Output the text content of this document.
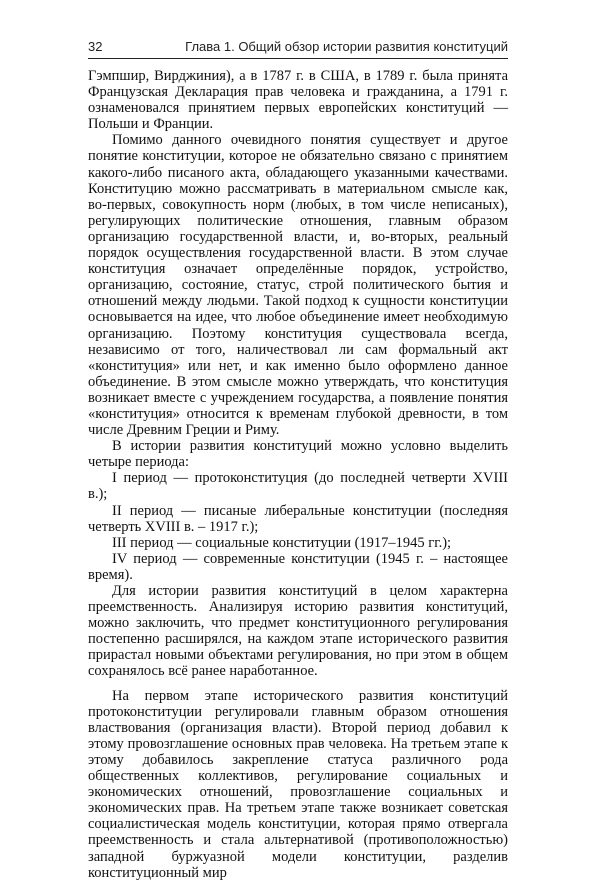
32	Глава 1. Общий обзор истории развития конституций

Гэмпшир, Вирджиния), а в 1787 г. в США, в 1789 г. была принята Французская Декларация прав человека и гражданина, а 1791 г. ознаменовался принятием первых европейских конституций — Польши и Франции.

Помимо данного очевидного понятия существует и другое понятие конституции, которое не обязательно связано с принятием какого-либо писаного акта, обладающего указанными качествами. Конституцию можно рассматривать в материальном смысле как, во-первых, совокупность норм (любых, в том числе неписаных), регулирующих политические отношения, главным образом организацию государственной власти, и, во-вторых, реальный порядок осуществления государственной власти. В этом случае конституция означает определённые порядок, устройство, организацию, состояние, статус, строй политического бытия и отношений между людьми. Такой подход к сущности конституции основывается на идее, что любое объединение имеет необходимую организацию. Поэтому конституция существовала всегда, независимо от того, наличествовал ли сам формальный акт «конституция» или нет, и как именно было оформлено данное объединение. В этом смысле можно утверждать, что конституция возникает вместе с учреждением государства, а появление понятия «конституция» относится к временам глубокой древности, в том числе Древним Греции и Риму.

В истории развития конституций можно условно выделить четыре периода:

I период — протоконституция (до последней четверти XVIII в.);

II период — писаные либеральные конституции (последняя четверть XVIII в. – 1917 г.);

III период — социальные конституции (1917–1945 гг.);

IV период — современные конституции (1945 г. – настоящее время).

Для истории развития конституций в целом характерна преемственность. Анализируя историю развития конституций, можно заключить, что предмет конституционного регулирования постепенно расширялся, на каждом этапе исторического развития прирастал новыми объектами регулирования, но при этом в общем сохранялось всё ранее наработанное.

На первом этапе исторического развития конституций протоконституции регулировали главным образом отношения властвования (организация власти). Второй период добавил к этому провозглашение основных прав человека. На третьем этапе к этому добавилось закрепление статуса различного рода общественных коллективов, регулирование социальных и экономических отношений, провозглашение социальных и экономических прав. На третьем этапе также возникает советская социалистическая модель конституции, которая прямо отвергала преемственность и стала альтернативой (противоположностью) западной буржуазной модели конституции, разделив конституционный мир
